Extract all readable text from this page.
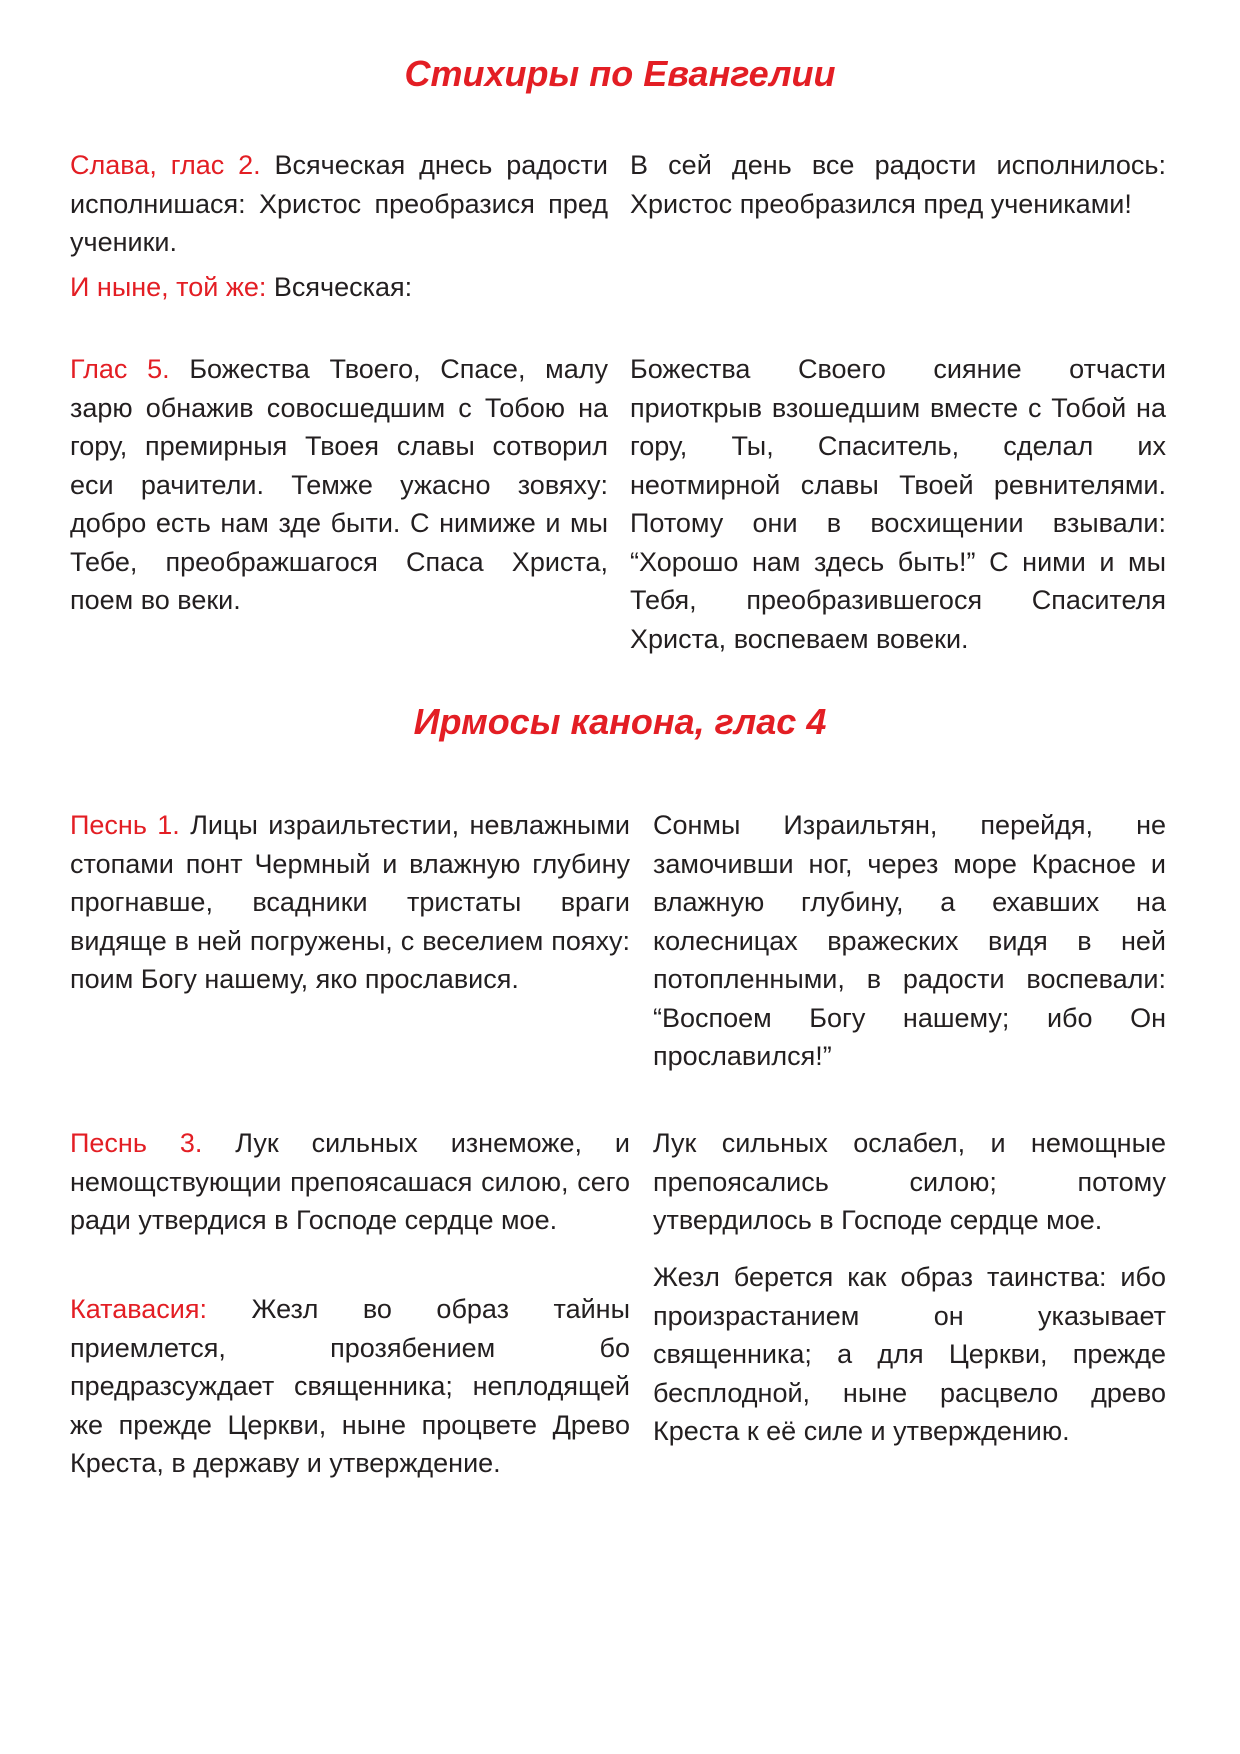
Стихиры по Евангелии
Слава, глас 2. Всяческая днесь радости исполнишася: Христос преобразися пред ученики.
В сей день все радости исполнилось: Христос преобразился пред учениками!
И ныне, той же: Всяческая:
Глас 5. Божества Твоего, Спасе, малу зарю обнажив совосшедшим с Тобою на гору, премирныя Твоея славы сотворил еси рачители. Темже ужасно зовяху: добро есть нам зде быти. С нимиже и мы Тебе, преображшагося Спаса Христа, поем во веки.
Божества Своего сияние отчасти приоткрыв взошедшим вместе с Тобой на гору, Ты, Спаситель, сделал их неотмирной славы Твоей ревнителями. Потому они в восхищении взывали: “Хорошо нам здесь быть!” С ними и мы Тебя, преобразившегося Спасителя Христа, воспеваем вовеки.
Ирмосы канона, глас 4
Песнь 1. Лицы израильтестии, невлажными стопами понт Чермный и влажную глубину прогнавше, всадники тристаты враги видяще в ней погружены, с веселием пояху: поим Богу нашему, яко прославися.
Сонмы Израильтян, перейдя, не замочивши ног, через море Красное и влажную глубину, а ехавших на колесницах вражеских видя в ней потопленными, в радости воспевали: “Воспоем Богу нашему; ибо Он прославился!”
Песнь 3. Лук сильных изнеможе, и немощствующии препоясашася силою, сего ради утвердися в Господе сердце мое.
Лук сильных ослабел, и немощные препоясались силою; потому утвердилось в Господе сердце мое.
Катавасия: Жезл во образ тайны приемлется, прозябением бо предразсуждает священника; неплодящей же прежде Церкви, ныне процвете Древо Креста, в державу и утверждение.
Жезл берется как образ таинства: ибо произрастанием он указывает священника; а для Церкви, прежде бесплодной, ныне расцвело древо Креста к её силе и утверждению.
